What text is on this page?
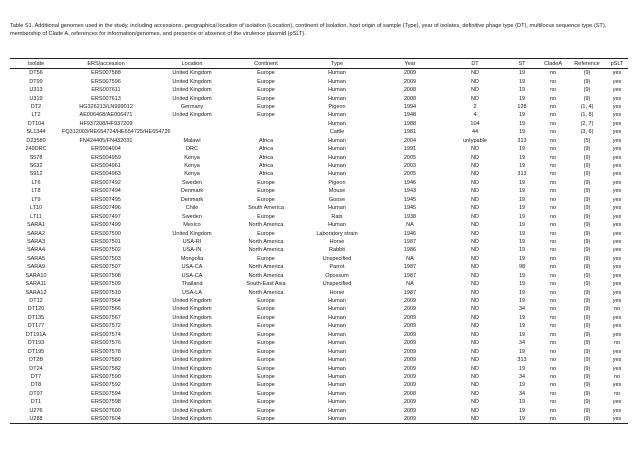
Table S1. Additional genomes used in the study, including accessions, geographical location of isolation (Location), continent of isolation, host origin of sample (Type), year of isolates, definitive phage type (DT), multilocus sequence type (ST), membership of Clade A, references for information/genomes, and presence or absence of the virulence plasmid (pSLT).
Isolate	ERS/accession	Location	Continent	Type	Year	DT	ST	CladeA	Reference	pSLT
DT56	ERS007588	United Kingdom	Europe	Human	2009	ND	19	no	(9)	yes
DT99	ERS007596	United Kingdom	Europe	Human	2009	ND	19	no	(9)	yes
U313	ERS007611	United Kingdom	Europe	Human	2008	ND	19	no	(9)	yes
U319	ERS007613	United Kingdom	Europe	Human	2008	ND	19	no	(9)	yes
DT2	HG326213/LN999012	Germany	Europe	Pigeon	1994	2	128	no	(1, 4)	yes
LT2	AE006468/AE006471	United Kingdom	Europe	Human	1948	4	19	no	(1, 8)	yes
DT104	HF937208/HF937209			Human	1988	104	19	no	(2, 7)	yes
SL1344	FQ312003/HE654724/HE654725/HE654726			Cattle	1981	44	19	no	(3, 6)	yes
D23580	FN424405/FN432031	Malawi	Africa	Human	2004	untypable	313	no	(5)	yes
249DRC	ERS004904	DRC	Africa	Human	1991	ND	19	no	(9)	yes
S578	ERS004959	Kenya	Africa	Human	2005	ND	19	no	(9)	yes
S632	ERS004961	Kenya	Africa	Human	2003	ND	19	no	(9)	yes
S912	ERS004963	Kenya	Africa	Human	2005	ND	313	no	(9)	yes
LT6	ERS007492	Sweden	Europe	Pigeon	1946	ND	19	no	(9)	yes
LT8	ERS007494	Denmark	Europe	Mouse	1943	ND	19	no	(9)	yes
LT9	ERS007495	Denmark	Europe	Goose	1945	ND	19	no	(9)	yes
LT10	ERS007496	Chile	South America	Human	1945	ND	19	no	(9)	yes
LT11	ERS007497	Sweden	Europe	Rats	1938	ND	19	no	(9)	yes
SARA1	ERS007499	Mexico	North America	Human	NA	ND	19	no	(9)	yes
SARA2	ERS007500	United Kingdom	Europe	Laboratory strain	1946	ND	19	no	(9)	yes
SARA3	ERS007501	USA-RI	North America	Horse	1987	ND	19	no	(9)	yes
SARA4	ERS007502	USA-IN	North America	Rabbit	1986	ND	19	no	(9)	yes
SARA5	ERS007503	Mongolia	Europe	Unspecified	NA	ND	19	no	(9)	yes
SARA9	ERS007507	USA-CA	North America	Parrot	1987	ND	98	no	(9)	yes
SARA10	ERS007508	USA-CA	North America	Opossum	1987	ND	19	no	(9)	yes
SARA11	ERS007509	Thailand	South-East Asia	Unspecified	NA	ND	19	no	(9)	yes
SARA12	ERS007510	USA-LA	North America	Horse	1987	ND	19	no	(9)	yes
DT12	ERS007564	United Kingdom	Europe	Human	2009	ND	19	no	(9)	yes
DT120	ERS007566	United Kingdom	Europe	Human	2009	ND	34	no	(9)	no
DT135	ERS007567	United Kingdom	Europe	Human	2009	ND	19	no	(9)	yes
DT177	ERS007572	United Kingdom	Europe	Human	2009	ND	19	no	(9)	yes
DT191A	ERS007574	United Kingdom	Europe	Human	2009	ND	19	no	(9)	yes
DT193	ERS007576	United Kingdom	Europe	Human	2009	ND	34	no	(9)	no
DT195	ERS007578	United Kingdom	Europe	Human	2009	ND	19	no	(9)	yes
DT2B	ERS007580	United Kingdom	Europe	Human	2009	ND	313	no	(9)	yes
DT24	ERS007582	United Kingdom	Europe	Human	2009	ND	19	no	(9)	yes
DT7	ERS007590	United Kingdom	Europe	Human	2009	ND	34	no	(9)	no
DT8	ERS007592	United Kingdom	Europe	Human	2009	ND	19	no	(9)	yes
DT97	ERS007594	United Kingdom	Europe	Human	2008	ND	34	no	(9)	no
DT1	ERS007598	United Kingdom	Europe	Human	2009	ND	19	no	(9)	yes
U276	ERS007600	United Kingdom	Europe	Human	2009	ND	19	no	(9)	yes
U288	ERS007604	United Kingdom	Europe	Human	2009	ND	19	no	(9)	yes
